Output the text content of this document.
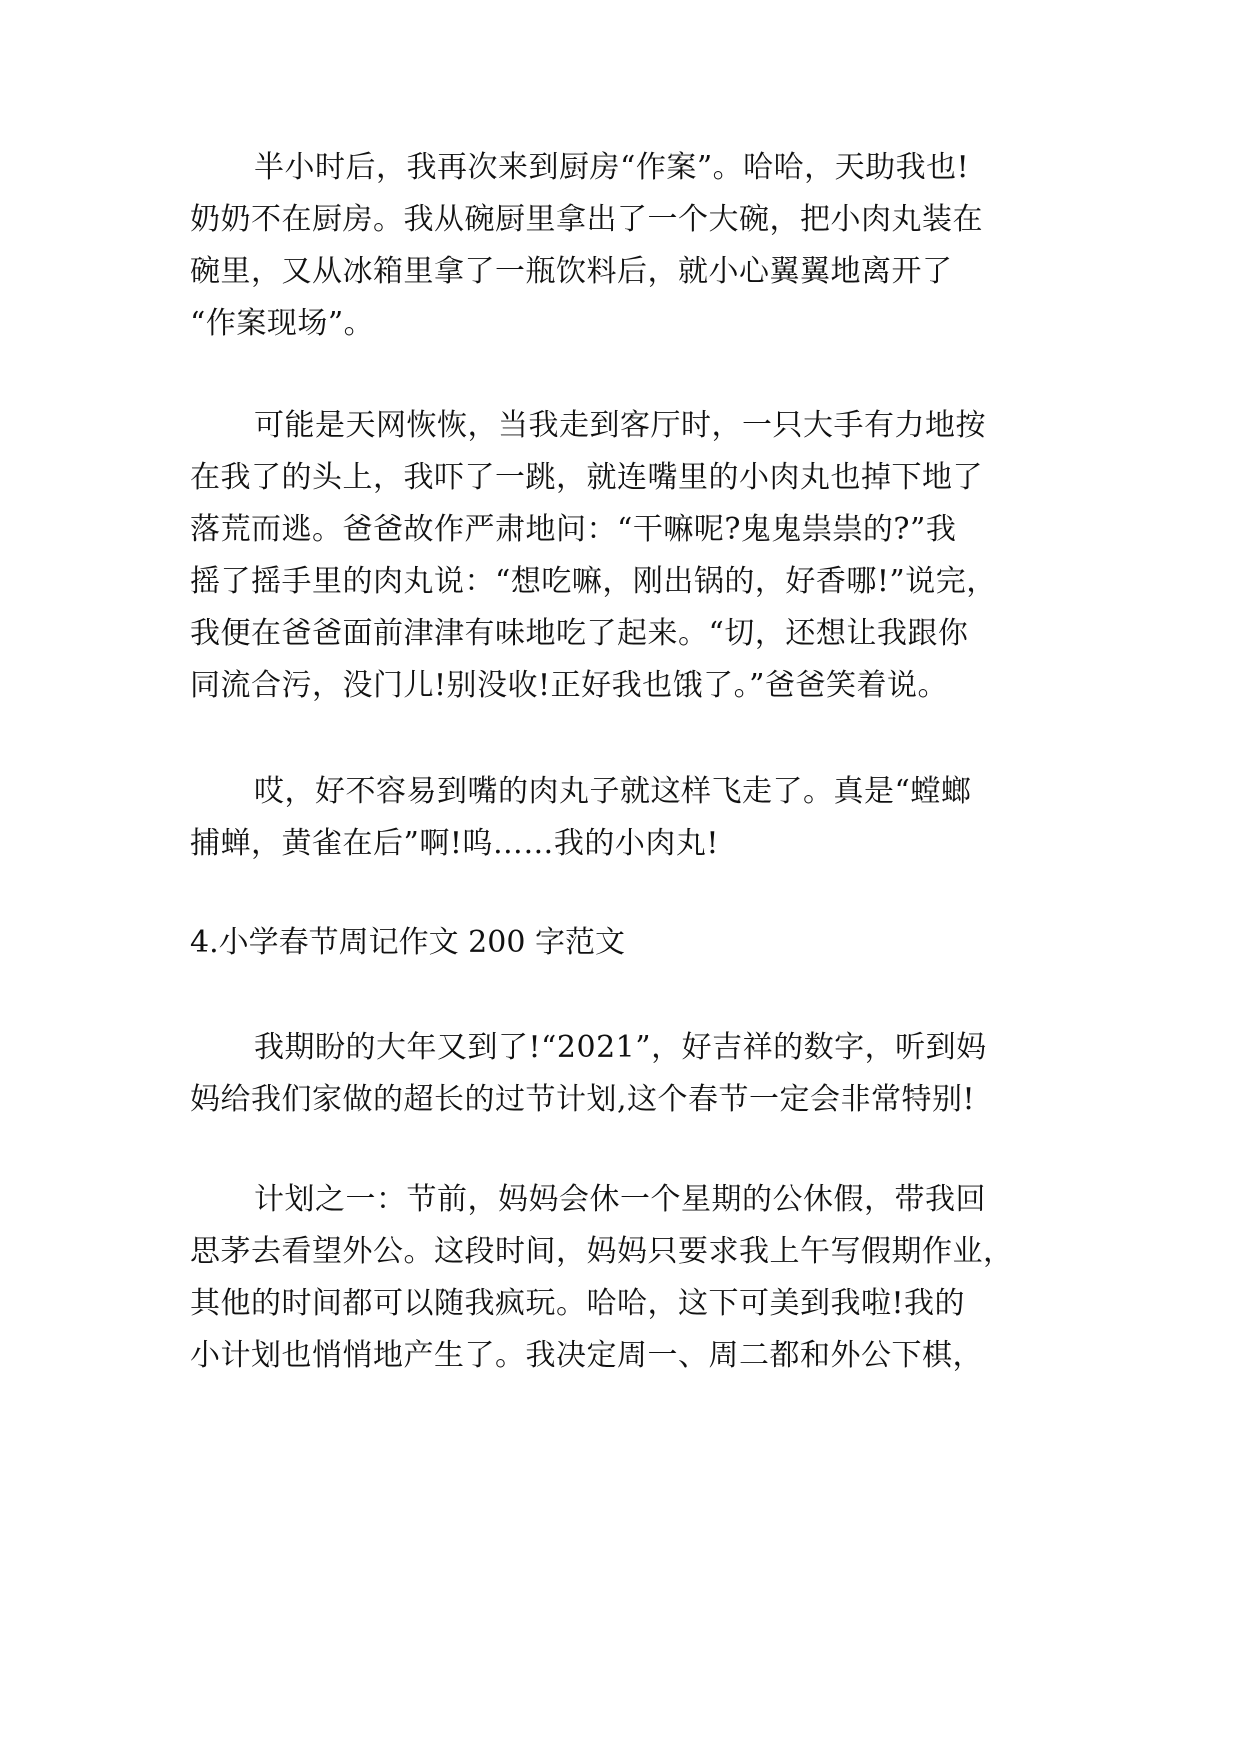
半小时后，我再次来到厨房“作案”。哈哈，天助我也!
奶奶不在厨房。我从碗厨里拿出了一个大碗，把小肉丸装在
碗里，又从冰箱里拿了一瓶饮料后，就小心翼翼地离开了
“作案现场”。
可能是天网恢恢，当我走到客厅时，一只大手有力地按
在我了的头上，我吓了一跳，就连嘴里的小肉丸也掉下地了
落荒而逃。爸爸故作严肃地问：“干嘛呢?鬼鬼祟祟的?”我
摇了摇手里的肉丸说：“想吃嘛，刚出锅的，好香哪!”说完，
我便在爸爸面前津津有味地吃了起来。“切，还想让我跟你
同流合污，没门儿!别没收!正好我也饿了。”爸爸笑着说。
哎，好不容易到嘴的肉丸子就这样飞走了。真是“螳螂
捕蝉，黄雀在后”啊!呜……我的小肉丸!
4.小学春节周记作文 200 字范文
我期盼的大年又到了!“2021”，好吉祥的数字，听到妈
妈给我们家做的超长的过节计划,这个春节一定会非常特别!
计划之一：节前，妈妈会休一个星期的公休假，带我回
思茅去看望外公。这段时间，妈妈只要求我上午写假期作业，
其他的时间都可以随我疯玩。哈哈，这下可美到我啦!我的
小计划也悄悄地产生了。我决定周一、周二都和外公下棋，
